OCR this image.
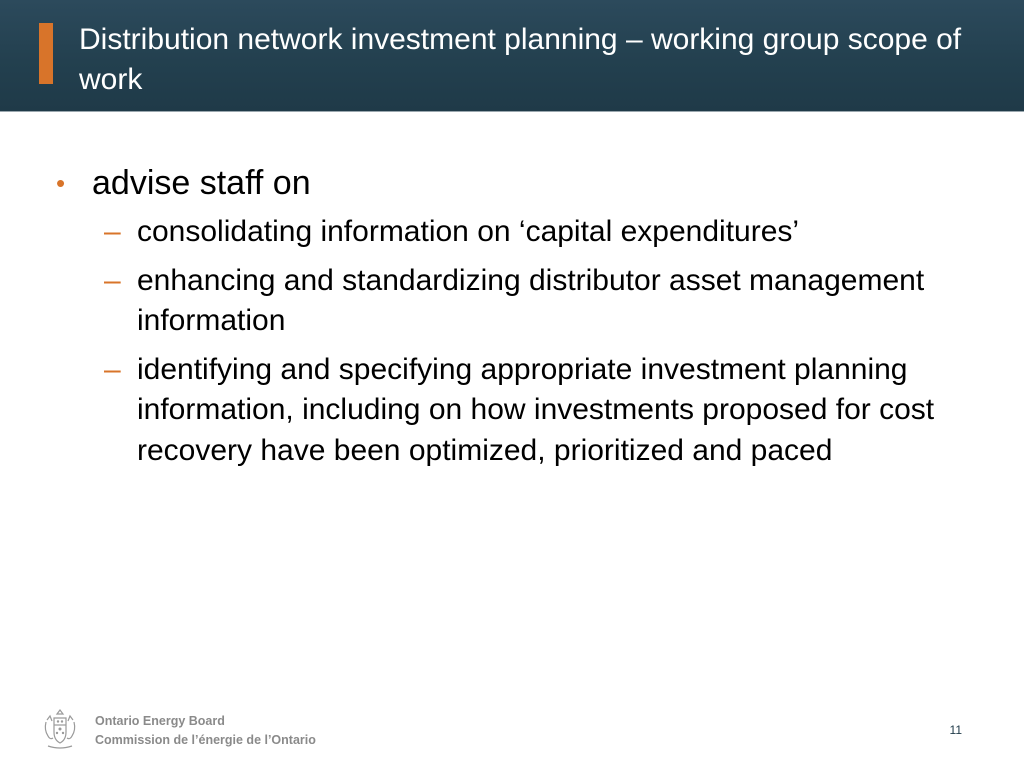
Distribution network investment planning – working group scope of work
• advise staff on
– consolidating information on ‘capital expenditures’
– enhancing and standardizing distributor asset management information
– identifying and specifying appropriate investment planning information, including on how investments proposed for cost recovery have been optimized, prioritized and paced
Ontario Energy Board
Commission de l’énergie de l’Ontario
11
